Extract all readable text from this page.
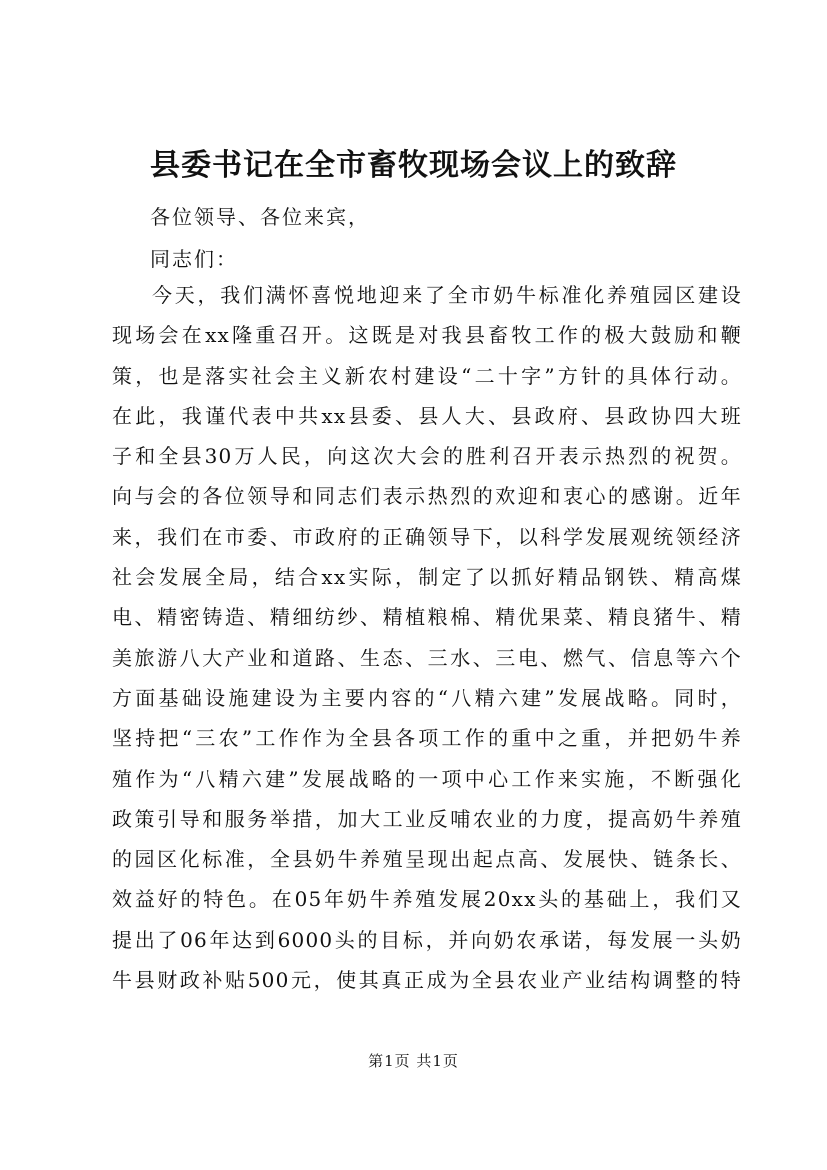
县委书记在全市畜牧现场会议上的致辞
各位领导、各位来宾，
同志们：
今天，我们满怀喜悦地迎来了全市奶牛标准化养殖园区建设
现场会在xx隆重召开。这既是对我县畜牧工作的极大鼓励和鞭
策，也是落实社会主义新农村建设“二十字”方针的具体行动。
在此，我谨代表中共xx县委、县人大、县政府、县政协四大班
子和全县30万人民，向这次大会的胜利召开表示热烈的祝贺。
向与会的各位领导和同志们表示热烈的欢迎和衷心的感谢。近年
来，我们在市委、市政府的正确领导下，以科学发展观统领经济
社会发展全局，结合xx实际，制定了以抓好精品钢铁、精高煤
电、精密铸造、精细纺纱、精植粮棉、精优果菜、精良猪牛、精
美旅游八大产业和道路、生态、三水、三电、燃气、信息等六个
方面基础设施建设为主要内容的“八精六建”发展战略。同时，
坚持把“三农”工作作为全县各项工作的重中之重，并把奶牛养
殖作为“八精六建”发展战略的一项中心工作来实施，不断强化
政策引导和服务举措，加大工业反哺农业的力度，提高奶牛养殖
的园区化标准，全县奶牛养殖呈现出起点高、发展快、链条长、
效益好的特色。在05年奶牛养殖发展20xx头的基础上，我们又
提出了06年达到6000头的目标，并向奶农承诺，每发展一头奶
牛县财政补贴500元，使其真正成为全县农业产业结构调整的特
第1页 共1页
